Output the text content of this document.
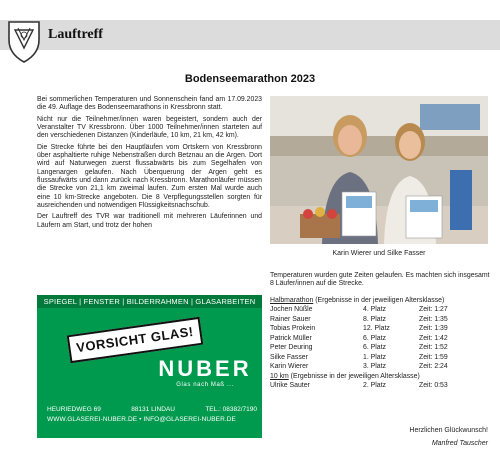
Lauftreff
Bodenseemarathon 2023

Bei sommerlichen Temperaturen und Sonnenschein fand am 17.09.2023 die 49. Auflage des Bodenseemarathons in Kressbronn statt.

Nicht nur die Teilnehmer/innen waren begeistert, sondern auch der Veranstalter TV Kressbronn. Über 1000 Teilnehmer/innen starteten auf den verschiedenen Distanzen (Kinderläufe, 10 km, 21 km, 42 km).

Die Strecke führte bei den Hauptläufen vom Ortskern von Kressbronn über asphaltierte ruhige Nebenstraßen durch Betznau an die Argen. Dort wird auf Naturwegen zuerst flussabwärts bis zum Segelhafen von Langenargen gelaufen. Nach Überquerung der Argen geht es flussaufwärts und dann zurück nach Kressbronn. Marathonläufer müssen die Strecke von 21,1 km zweimal laufen. Zum ersten Mal wurde auch eine 10 km-Strecke angeboten. Die 8 Verpflegungsstellen sorgten für ausreichenden und notwendigen Flüssigkeitsnachschub.

Der Lauftreff des TVR war traditionell mit mehreren Läuferinnen und Läufern am Start, und trotz der hohen

Karin Wierer und Silke Fasser
Temperaturen wurden gute Zeiten gelaufen. Es machten sich insgesamt 8 Läufer/innen auf die Strecke.
Halbmarathon (Ergebnisse in der jeweiligen Altersklasse)
Jochen Nüßle	4. Platz	Zeit: 1:27
Rainer Sauer	8. Platz	Zeit: 1:35
Tobias Prokein	12. Platz	Zeit: 1:39
Patrick Müller	6. Platz	Zeit: 1:42
Peter Deuring	6. Platz	Zeit: 1:52
Silke Fasser	1. Platz	Zeit: 1:59
Karin Wierer	3. Platz	Zeit: 2:24
10 km (Ergebnisse in der jeweiligen Altersklasse)
Ulrike Sauter	2. Platz	Zeit: 0:53
Herzlichen Glückwunsch!
Manfred Tauscher
SPIEGEL | FENSTER | BILDERRAHMEN | GLASARBEITEN
VORSICHT GLAS!
NUBER
Glas nach Maß ...
HEURIEDWEG 69	88131 LINDAU	TEL.: 08382/7190
WWW.GLASEREI-NUBER.DE • INFO@GLASEREI-NUBER.DE
